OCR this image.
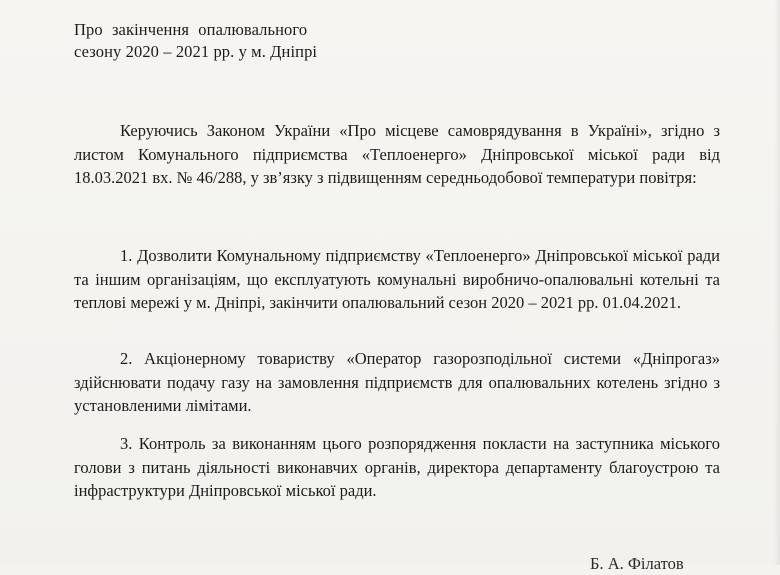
Про закінчення опалювального
сезону 2020 – 2021 рр. у м. Дніпрі

Керуючись Законом України «Про місцеве самоврядування в Україні», згідно з листом Комунального підприємства «Теплоенерго» Дніпровської міської ради від 18.03.2021 вх. № 46/288, у зв’язку з підвищенням середньодобової температури повітря:

1. Дозволити Комунальному підприємству «Теплоенерго» Дніпровської міської ради та іншим організаціям, що експлуатують комунальні виробничо-опалювальні котельні та теплові мережі у м. Дніпрі, закінчити опалювальний сезон 2020 – 2021 рр. 01.04.2021.

2. Акціонерному товариству «Оператор газорозподільної системи «Дніпрогаз» здійснювати подачу газу на замовлення підприємств для опалювальних котелень згідно з установленими лімітами.

3. Контроль за виконанням цього розпорядження покласти на заступника міського голови з питань діяльності виконавчих органів, директора департаменту благоустрою та інфраструктури Дніпровської міської ради.

Б. А. Філатов
